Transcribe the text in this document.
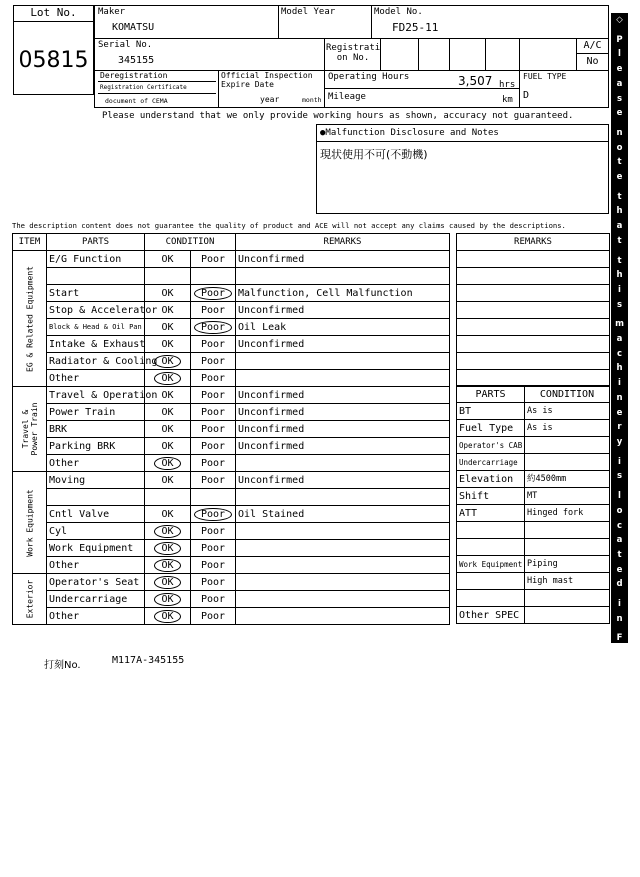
Lot No.
05815
Maker
KOMATSU
Model Year	Model No.
FD25-11
Serial No.
345155
Registrati on No.
A/C
No
Deregistration
Registration Certificate
document of CEMA
Official Inspection Expire Date
year	month
Operating Hours	3,507 hrs
Mileage	km
FUEL TYPE
D
Please understand that we only provide working hours as shown, accuracy not guaranteed.
●Malfunction Disclosure and Notes
現状使用不可(不動機)
The description content does not guarantee the quality of product and ACE will not accept any claims caused by the descriptions.
ITEM	PARTS	CONDITION		REMARKS

EG & Related Equipment	E/G Function	OK	Poor	Unconfirmed

	Start	OK	Poor	Malfunction, Cell Malfunction
	Stop & Accelerator	OK	Poor	Unconfirmed
	Block & Head & Oil Pan	OK	Poor	Oil Leak
	Intake & Exhaust	OK	Poor	Unconfirmed
	Radiator & Cooling	OK	Poor	
	Other	OK	Poor	

Travel & Power Train	Travel & Operation	OK	Poor	Unconfirmed
	Power Train	OK	Poor	Unconfirmed
	BRK	OK	Poor	Unconfirmed
	Parking BRK	OK	Poor	Unconfirmed
	Other	OK	Poor	

Work Equipment	Moving	OK	Poor	Unconfirmed

	Cntl Valve	OK	Poor	Oil Stained
	Cyl	OK	Poor	
	Work Equipment	OK	Poor	
	Other	OK	Poor	

Exterior	Operator's Seat	OK	Poor	
	Undercarriage	OK	Poor	
	Other	OK	Poor	
REMARKS

PARTS	CONDITION
BT	As is
Fuel Type	As is
Operator's CAB	
Undercarriage	
Elevation	約4500mm
Shift	MT
ATT	Hinged fork

Work Equipment	Piping
	High mast

Other SPEC	
◇

P
l
e
a
s
e

n
o
t
e

t
h
a
t

t
h
i
s

m
a
c
h
i
n
e
r
y

i
s

l
o
c
a
t
e
d

i
n

F
o
r
k
l
i
f
t

P
a
r
k
i
n
g

◇
打刻No.	M117A-345155
